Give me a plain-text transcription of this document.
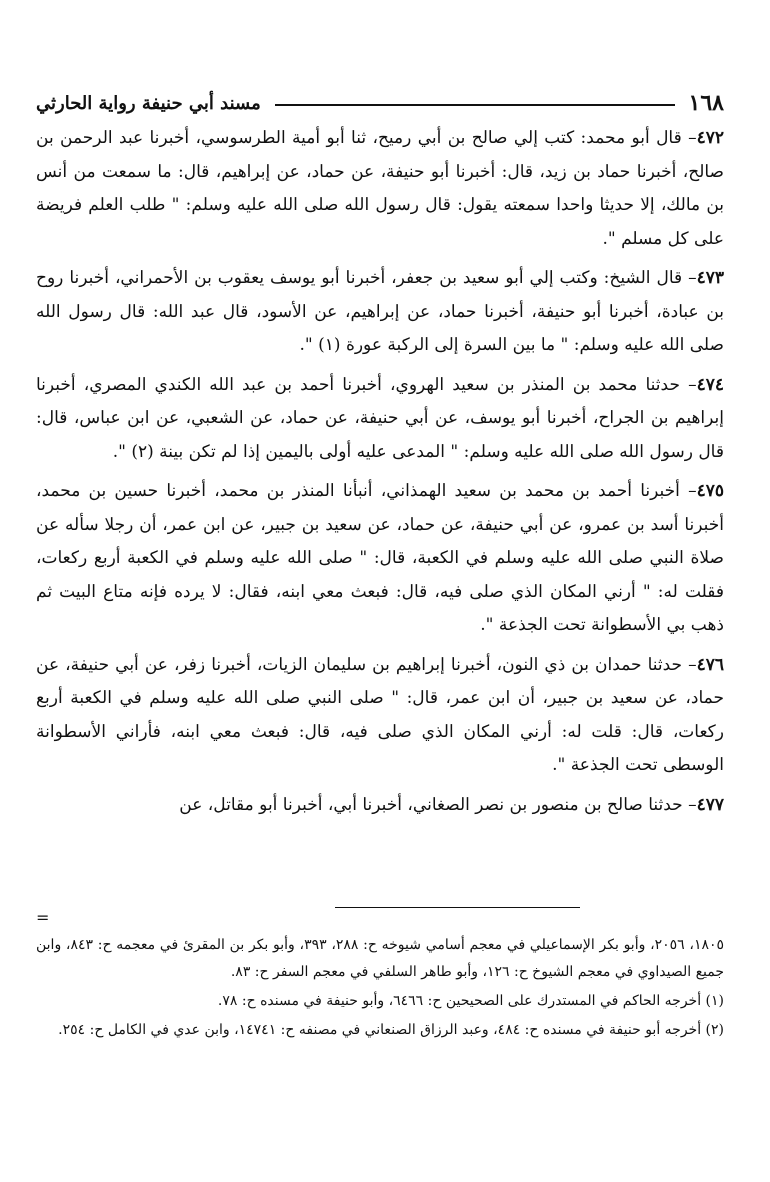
١٦٨
مسند أبي حنيفة رواية الحارثي

٤٧٢– قال أبو محمد: كتب إلي صالح بن أبي رميح، ثنا أبو أمية الطرسوسي، أخبرنا عبد الرحمن بن صالح، أخبرنا حماد بن زيد، قال: أخبرنا أبو حنيفة، عن حماد، عن إبراهيم، قال: ما سمعت من أنس بن مالك، إلا حديثا واحدا سمعته يقول: قال رسول الله صلى الله عليه وسلم: " طلب العلم فريضة على كل مسلم ".

٤٧٣– قال الشيخ: وكتب إلي أبو سعيد بن جعفر، أخبرنا أبو يوسف يعقوب بن الأحمراني، أخبرنا روح بن عبادة، أخبرنا أبو حنيفة، أخبرنا حماد، عن إبراهيم، عن الأسود، قال عبد الله: قال رسول الله صلى الله عليه وسلم: " ما بين السرة إلى الركبة عورة (١) ".

٤٧٤– حدثنا محمد بن المنذر بن سعيد الهروي، أخبرنا أحمد بن عبد الله الكندي المصري، أخبرنا إبراهيم بن الجراح، أخبرنا أبو يوسف، عن أبي حنيفة، عن حماد، عن الشعبي، عن ابن عباس، قال: قال رسول الله صلى الله عليه وسلم: " المدعى عليه أولى باليمين إذا لم تكن بينة (٢) ".

٤٧٥– أخبرنا أحمد بن محمد بن سعيد الهمذاني، أنبأنا المنذر بن محمد، أخبرنا حسين بن محمد، أخبرنا أسد بن عمرو، عن أبي حنيفة، عن حماد، عن سعيد بن جبير، عن ابن عمر، أن رجلا سأله عن صلاة النبي صلى الله عليه وسلم في الكعبة، قال: " صلى الله عليه وسلم في الكعبة أربع ركعات، فقلت له: " أرني المكان الذي صلى فيه، قال: فبعث معي ابنه، فقال: لا يرده فإنه متاع البيت ثم ذهب بي الأسطوانة تحت الجذعة ".

٤٧٦– حدثنا حمدان بن ذي النون، أخبرنا إبراهيم بن سليمان الزيات، أخبرنا زفر، عن أبي حنيفة، عن حماد، عن سعيد بن جبير، أن ابن عمر، قال: " صلى النبي صلى الله عليه وسلم في الكعبة أربع ركعات، قال: قلت له: أرني المكان الذي صلى فيه، قال: فبعث معي ابنه، فأراني الأسطوانة الوسطى تحت الجذعة ".

٤٧٧– حدثنا صالح بن منصور بن نصر الصغاني، أخبرنا أبي، أخبرنا أبو مقاتل، عن

=

١٨٠٥، ٢٠٥٦، وأبو بكر الإسماعيلي في معجم أسامي شيوخه ح: ٢٨٨، ٣٩٣، وأبو بكر بن المقرئ في معجمه ح: ٨٤٣، وابن جميع الصيداوي في معجم الشيوخ ح: ١٢٦، وأبو طاهر السلفي في معجم السفر ح: ٨٣.

(١) أخرجه الحاكم في المستدرك على الصحيحين ح: ٦٤٦٦، وأبو حنيفة في مسنده ح: ٧٨.

(٢) أخرجه أبو حنيفة في مسنده ح: ٤٨٤، وعبد الرزاق الصنعاني في مصنفه ح: ١٤٧٤١، وابن عدي في الكامل ح: ٢٥٤.
